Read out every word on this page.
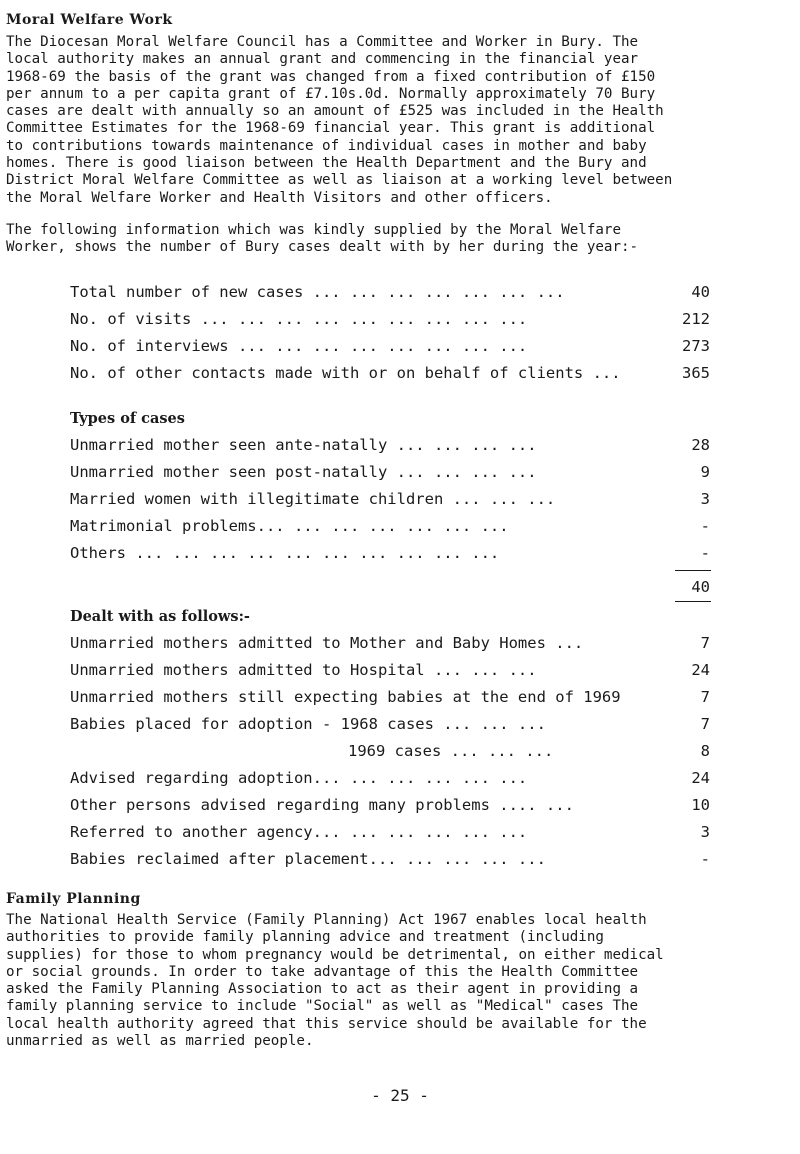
Moral Welfare Work

The Diocesan Moral Welfare Council has a Committee and Worker in Bury. The
local authority makes an annual grant and commencing in the financial year
1968-69 the basis of the grant was changed from a fixed contribution of £150
per annum to a per capita grant of £7.10s.0d. Normally approximately 70 Bury
cases are dealt with annually so an amount of £525 was included in the Health
Committee Estimates for the 1968-69 financial year. This grant is additional
to contributions towards maintenance of individual cases in mother and baby
homes. There is good liaison between the Health Department and the Bury and
District Moral Welfare Committee as well as liaison at a working level between
the Moral Welfare Worker and Health Visitors and other officers.

The following information which was kindly supplied by the Moral Welfare
Worker, shows the number of Bury cases dealt with by her during the year:-

Total number of new cases ... ... ... ... ... ... ...	40
No. of visits ... ... ... ... ... ... ... ... ...	212
No. of interviews ... ... ... ... ... ... ... ...	273
No. of other contacts made with or on behalf of clients ...	365
Types of cases
Unmarried mother seen ante-natally ... ... ... ...	28
Unmarried mother seen post-natally ... ... ... ...	9
Married women with illegitimate children ... ... ...	3
Matrimonial problems... ... ... ... ... ... ...	-
Others ... ... ... ... ... ... ... ... ... ...	-
40
Dealt with as follows:-
Unmarried mothers admitted to Mother and Baby Homes ...	7
Unmarried mothers admitted to Hospital ... ... ...	24
Unmarried mothers still expecting babies at the end of 1969	7
Babies placed for adoption - 1968 cases ... ... ...	7
1969 cases ... ... ...	8
Advised regarding adoption... ... ... ... ... ...	24
Other persons advised regarding many problems .... ...	10
Referred to another agency... ... ... ... ... ...	3
Babies reclaimed after placement... ... ... ... ...	-
Family Planning

The National Health Service (Family Planning) Act 1967 enables local health
authorities to provide family planning advice and treatment (including
supplies) for those to whom pregnancy would be detrimental, on either medical
or social grounds. In order to take advantage of this the Health Committee
asked the Family Planning Association to act as their agent in providing a
family planning service to include "Social" as well as "Medical" cases The
local health authority agreed that this service should be available for the
unmarried as well as married people.

- 25 -
